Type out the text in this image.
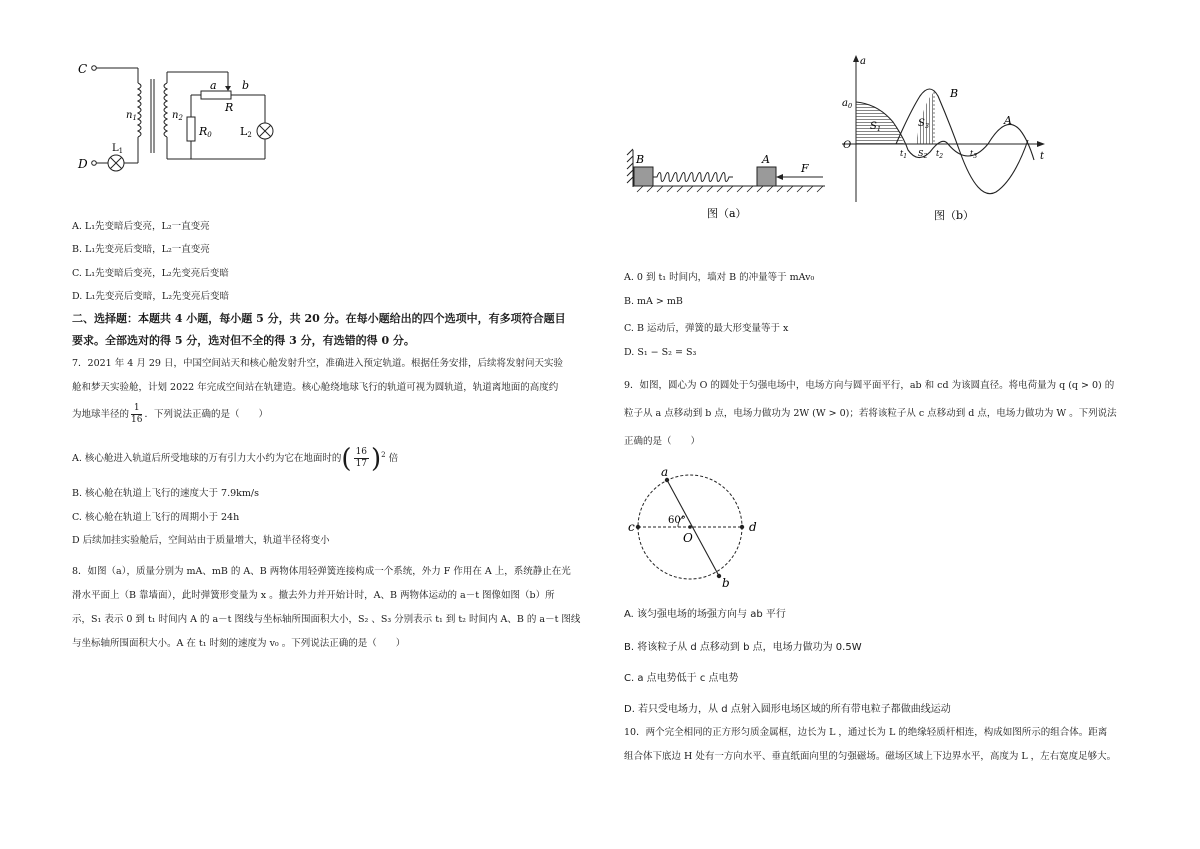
C
D
$n_1$	$n_2$
a b
R
R0	L2
$L_1$
A. L₁先变暗后变亮，L₂一直变亮
B. L₁先变亮后变暗，L₂一直变亮
C. L₁先变暗后变亮，L₂先变亮后变暗
D. L₁先变亮后变暗，L₂先变亮后变暗
二、选择题：本题共 4 小题，每小题 5 分，共 20 分。在每小题给出的四个选项中，有多项符合题目
要求。全部选对的得 5 分，选对但不全的得 3 分，有选错的得 0 分。
7．2021 年 4 月 29 日，中国空间站天和核心舱发射升空，准确进入预定轨道。根据任务安排，后续将发射问天实验
舱和梦天实验舱，计划 2022 年完成空间站在轨建造。核心舱绕地球飞行的轨道可视为圆轨道，轨道离地面的高度约
为地球半径的 $\frac{1}{16}$ ．下列说法正确的是（　　）
A. 核心舱进入轨道后所受地球的万有引力大小约为它在地面时的( $\frac{16}{17} )^2$ 倍
B. 核心舱在轨道上飞行的速度大于 7.9km/s
C. 核心舱在轨道上飞行的周期小于 24h
D 后续加挂实验舱后，空间站由于质量增大，轨道半径将变小
8．如图（a），质量分别为 mA、mB 的 A、B 两物体用轻弹簧连接构成一个系统，外力 F 作用在 A 上，系统静止在光
滑水平面上（B 靠墙面），此时弹簧形变量为 x 。撤去外力并开始计时，A、B 两物体运动的 a－t 图像如图（b）所
示，S₁ 表示 0 到 t₁ 时间内 A 的 a－t 图线与坐标轴所围面积大小，S₂ 、S₃ 分别表示 t₁ 到 t₂ 时间内 A、B 的 a－t 图线
与坐标轴所围面积大小。A 在 t₁ 时刻的速度为 v₀ 。下列说法正确的是（　　）
B	A
F
图（a）
a
$a_0$
O
t
$S_1$
$S_2$
$S_3$
$t_1$	$t_2$	$t_3$
B
A
图（b）
A. 0 到 t₁ 时间内，墙对 B 的冲量等于 mAv₀
B. mA > mB
C. B 运动后，弹簧的最大形变量等于 x
D. S₁ − S₂ = S₃
9．如图，圆心为 O 的圆处于匀强电场中，电场方向与圆平面平行，ab 和 cd 为该圆直径。将电荷量为 q (q > 0) 的
粒子从 a 点移动到 b 点，电场力做功为 2W (W > 0)；若将该粒子从 c 点移动到 d 点，电场力做功为 W 。下列说法
正确的是（　　）
a
b
c	d
O
60°
A. 该匀强电场的场强方向与 ab 平行
B. 将该粒子从 d 点移动到 b 点，电场力做功为 0.5W
C. a 点电势低于 c 点电势
D. 若只受电场力，从 d 点射入圆形电场区域的所有带电粒子都做曲线运动
10．两个完全相同的正方形匀质金属框，边长为 L ，通过长为 L 的绝缘轻质杆相连，构成如图所示的组合体。距离
组合体下底边 H 处有一方向水平、垂直纸面向里的匀强磁场。磁场区域上下边界水平，高度为 L ，左右宽度足够大。
